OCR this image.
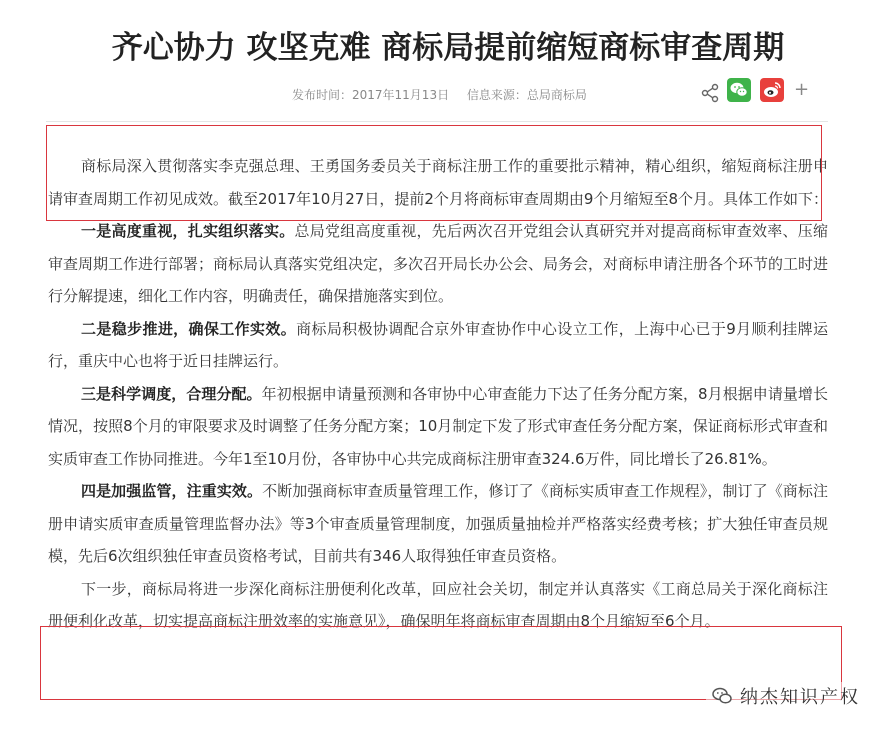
齐心协力 攻坚克难 商标局提前缩短商标审查周期
发布时间：2017年11月13日 信息来源：总局商标局	+

商标局深入贯彻落实李克强总理、王勇国务委员关于商标注册工作的重要批示精神，精心组织，缩短商标注册申请审查周期工作初见成效。截至2017年10月27日，提前2个月将商标审查周期由9个月缩短至8个月。具体工作如下：

一是高度重视，扎实组织落实。总局党组高度重视，先后两次召开党组会认真研究并对提高商标审查效率、压缩审查周期工作进行部署；商标局认真落实党组决定，多次召开局长办公会、局务会，对商标申请注册各个环节的工时进行分解提速，细化工作内容，明确责任，确保措施落实到位。

二是稳步推进，确保工作实效。商标局积极协调配合京外审查协作中心设立工作，上海中心已于9月顺利挂牌运行，重庆中心也将于近日挂牌运行。

三是科学调度，合理分配。年初根据申请量预测和各审协中心审查能力下达了任务分配方案，8月根据申请量增长情况，按照8个月的审限要求及时调整了任务分配方案；10月制定下发了形式审查任务分配方案，保证商标形式审查和实质审查工作协同推进。今年1至10月份，各审协中心共完成商标注册审查324.6万件，同比增长了26.81%。

四是加强监管，注重实效。不断加强商标审查质量管理工作，修订了《商标实质审查工作规程》，制订了《商标注册申请实质审查质量管理监督办法》等3个审查质量管理制度，加强质量抽检并严格落实经费考核；扩大独任审查员规模，先后6次组织独任审查员资格考试，目前共有346人取得独任审查员资格。

下一步，商标局将进一步深化商标注册便利化改革，回应社会关切，制定并认真落实《工商总局关于深化商标注册便利化改革，切实提高商标注册效率的实施意见》，确保明年将商标审查周期由8个月缩短至6个月。

纳杰知识产权
